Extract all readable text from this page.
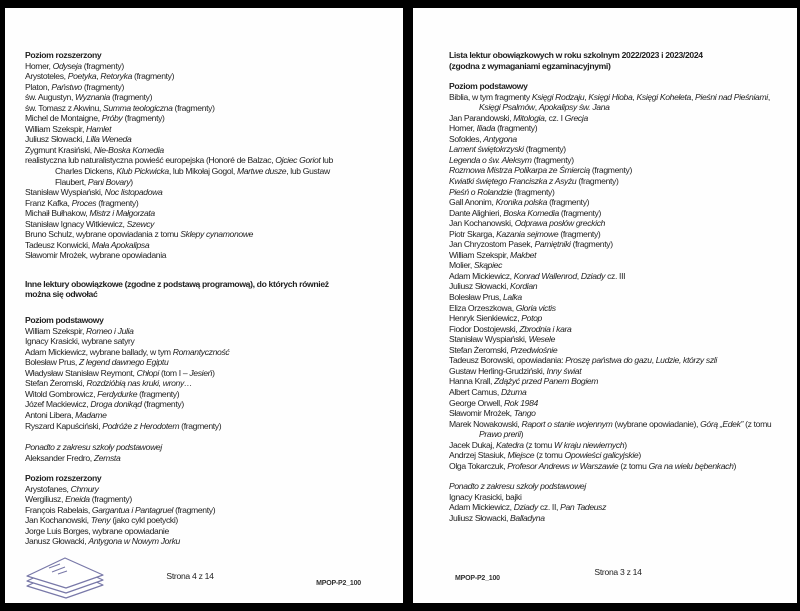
Poziom rozszerzony
Homer, Odyseja (fragmenty)
Arystoteles, Poetyka, Retoryka (fragmenty)
Platon, Państwo (fragmenty)
św. Augustyn, Wyznania (fragmenty)
św. Tomasz z Akwinu, Summa teologiczna (fragmenty)
Michel de Montaigne, Próby (fragmenty)
William Szekspir, Hamlet
Juliusz Słowacki, Lilla Weneda
Zygmunt Krasiński, Nie-Boska Komedia
realistyczna lub naturalistyczna powieść europejska (Honoré de Balzac, Ojciec Goriot lub
Charles Dickens, Klub Pickwicka, lub Mikołaj Gogol, Martwe dusze, lub Gustaw
Flaubert, Pani Bovary)
Stanisław Wyspiański, Noc listopadowa
Franz Kafka, Proces (fragmenty)
Michaił Bułhakow, Mistrz i Małgorzata
Stanisław Ignacy Witkiewicz, Szewcy
Bruno Schulz, wybrane opowiadania z tomu Sklepy cynamonowe
Tadeusz Konwicki, Mała Apokalipsa
Sławomir Mrożek, wybrane opowiadania
Inne lektury obowiązkowe (zgodne z podstawą programową), do których również
można się odwołać
Poziom podstawowy
William Szekspir, Romeo i Julia
Ignacy Krasicki, wybrane satyry
Adam Mickiewicz, wybrane ballady, w tym Romantyczność
Bolesław Prus, Z legend dawnego Egiptu
Władysław Stanisław Reymont, Chłopi (tom I – Jesień)
Stefan Żeromski, Rozdzióbią nas kruki, wrony…
Witold Gombrowicz, Ferdydurke (fragmenty)
Józef Mackiewicz, Droga donikąd (fragmenty)
Antoni Libera, Madame
Ryszard Kapuściński, Podróże z Herodotem (fragmenty)
Ponadto z zakresu szkoły podstawowej
Aleksander Fredro, Zemsta
Poziom rozszerzony
Arystofanes, Chmury
Wergiliusz, Eneida (fragmenty)
François Rabelais, Gargantua i Pantagruel (fragmenty)
Jan Kochanowski, Treny (jako cykl poetycki)
Jorge Luis Borges, wybrane opowiadanie
Janusz Głowacki, Antygona w Nowym Jorku
Strona 4 z 14
MPOP-P2_100
Lista lektur obowiązkowych w roku szkolnym 2022/2023 i 2023/2024
(zgodna z wymaganiami egzaminacyjnymi)
Poziom podstawowy
Biblia, w tym fragmenty Księgi Rodzaju, Księgi Hioba, Księgi Koheleta, Pieśni nad Pieśniami,
Księgi Psalmów, Apokalipsy św. Jana
Jan Parandowski, Mitologia, cz. I Grecja
Homer, Iliada (fragmenty)
Sofokles, Antygona
Lament świętokrzyski (fragmenty)
Legenda o św. Aleksym (fragmenty)
Rozmowa Mistrza Polikarpa ze Śmiercią (fragmenty)
Kwiatki świętego Franciszka z Asyżu (fragmenty)
Pieśń o Rolandzie (fragmenty)
Gall Anonim, Kronika polska (fragmenty)
Dante Alighieri, Boska Komedia (fragmenty)
Jan Kochanowski, Odprawa posłów greckich
Piotr Skarga, Kazania sejmowe (fragmenty)
Jan Chryzostom Pasek, Pamiętniki (fragmenty)
William Szekspir, Makbet
Molier, Skąpiec
Adam Mickiewicz, Konrad Wallenrod, Dziady cz. III
Juliusz Słowacki, Kordian
Bolesław Prus, Lalka
Eliza Orzeszkowa, Gloria victis
Henryk Sienkiewicz, Potop
Fiodor Dostojewski, Zbrodnia i kara
Stanisław Wyspiański, Wesele
Stefan Żeromski, Przedwiośnie
Tadeusz Borowski, opowiadania: Proszę państwa do gazu, Ludzie, którzy szli
Gustaw Herling-Grudziński, Inny świat
Hanna Krall, Zdążyć przed Panem Bogiem
Albert Camus, Dżuma
George Orwell, Rok 1984
Sławomir Mrożek, Tango
Marek Nowakowski, Raport o stanie wojennym (wybrane opowiadanie), Górą „Edek” (z tomu
Prawo prerii)
Jacek Dukaj, Katedra (z tomu W kraju niewiernych)
Andrzej Stasiuk, Miejsce (z tomu Opowieści galicyjskie)
Olga Tokarczuk, Profesor Andrews w Warszawie (z tomu Gra na wielu bębenkach)
Ponadto z zakresu szkoły podstawowej
Ignacy Krasicki, bajki
Adam Mickiewicz, Dziady cz. II, Pan Tadeusz
Juliusz Słowacki, Balladyna
Strona 3 z 14
MPOP-P2_100
